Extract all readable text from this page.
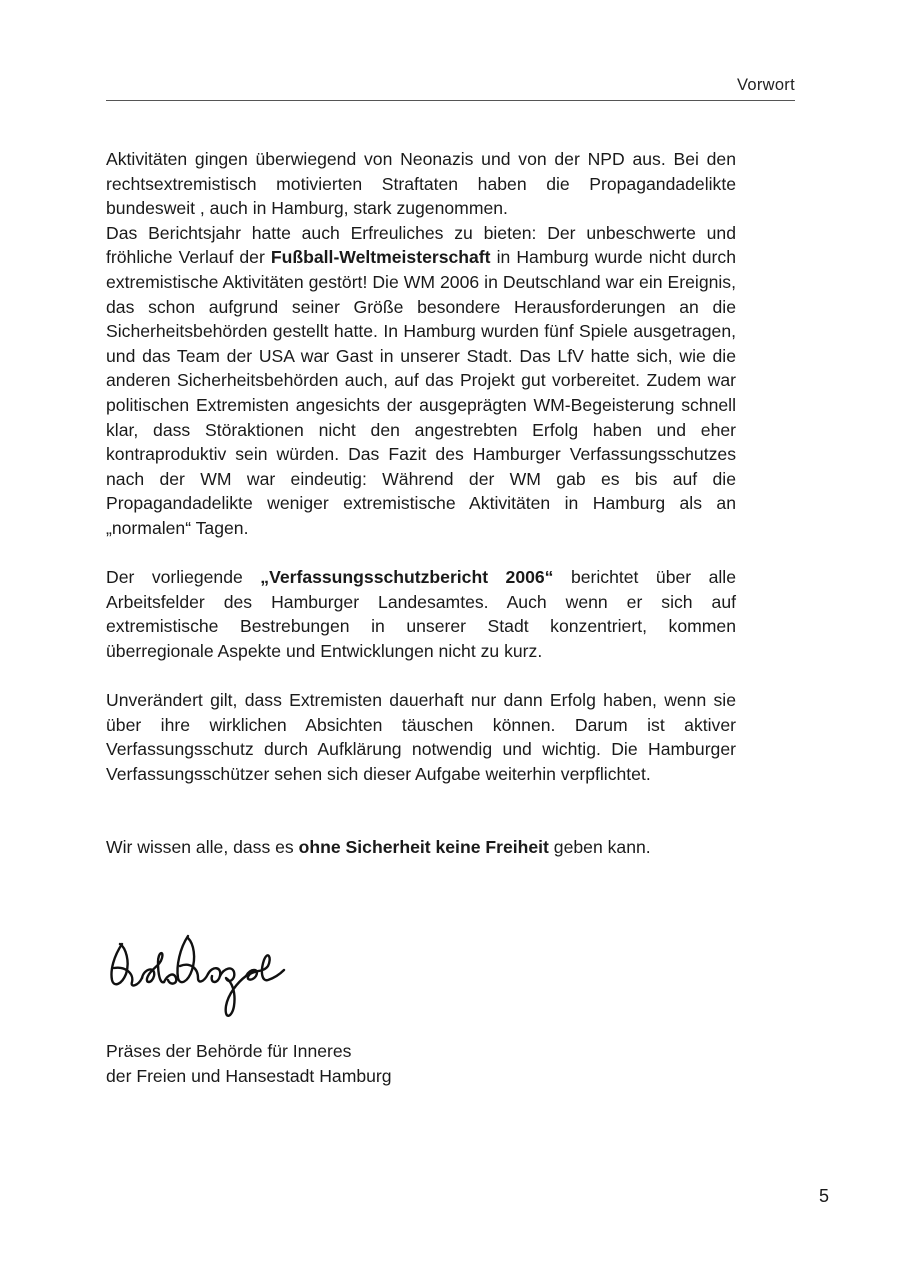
Vorwort

Aktivitäten gingen überwiegend von Neonazis und von der NPD aus. Bei den rechtsextremistisch motivierten Straftaten haben die Propagandadelikte bundesweit , auch in Hamburg, stark zugenommen.

Das Berichtsjahr hatte auch Erfreuliches zu bieten: Der unbeschwerte und fröhliche Verlauf der Fußball-Weltmeisterschaft in Hamburg wurde nicht durch extremistische Aktivitäten gestört! Die WM 2006 in Deutschland war ein Ereignis, das schon aufgrund seiner Größe besondere Herausforderungen an die Sicherheitsbehörden gestellt hatte. In Hamburg wurden fünf Spiele ausgetragen, und das Team der USA war Gast in unserer Stadt. Das LfV hatte sich, wie die anderen Sicherheitsbehörden auch, auf das Projekt gut vorbereitet. Zudem war politischen Extremisten angesichts der ausgeprägten WM-Begeisterung schnell klar, dass Störaktionen nicht den angestrebten Erfolg haben und eher kontraproduktiv sein würden. Das Fazit des Hamburger Verfassungsschutzes nach der WM war eindeutig: Während der WM gab es bis auf die Propagandadelikte weniger extremistische Aktivitäten in Hamburg als an „normalen“ Tagen.

Der vorliegende „Verfassungsschutzbericht 2006“ berichtet über alle Arbeitsfelder des Hamburger Landesamtes. Auch wenn er sich auf extremistische Bestrebungen in unserer Stadt konzentriert, kommen überregionale Aspekte und Entwicklungen nicht zu kurz.

Unverändert gilt, dass Extremisten dauerhaft nur dann Erfolg haben, wenn sie über ihre wirklichen Absichten täuschen können. Darum ist aktiver Verfassungsschutz durch Aufklärung notwendig und wichtig. Die Hamburger Verfassungsschützer sehen sich dieser Aufgabe weiterhin verpflichtet.

Wir wissen alle, dass es ohne Sicherheit keine Freiheit geben kann.

Präses der Behörde für Inneres
der Freien und Hansestadt Hamburg
5
